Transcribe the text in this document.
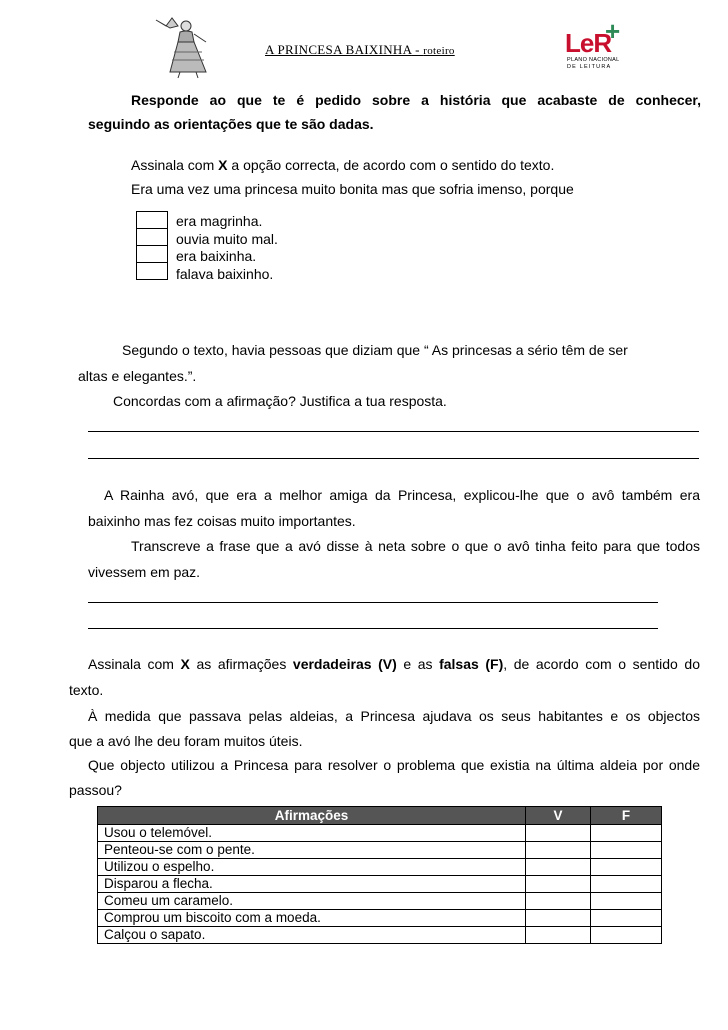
A PRINCESA BAIXINHA - roteiro	LeR
+
PLANO NACIONAL
DE LEITURA
Responde ao que te é pedido sobre a história que acabaste de conhecer,
seguindo as orientações que te são dadas.
Assinala com X a opção correcta, de acordo com o sentido do texto.
Era uma vez uma princesa muito bonita mas que sofria imenso, porque
era magrinha.
ouvia muito mal.
era baixinha.
falava baixinho.
Segundo o texto, havia pessoas que diziam que “ As princesas a sério têm de ser
altas e elegantes.”.
Concordas com a afirmação? Justifica a tua resposta.
A Rainha avó, que era a melhor amiga da Princesa, explicou-lhe que o avô também era
baixinho mas fez coisas muito importantes.
Transcreve a frase que a avó disse à neta sobre o que o avô tinha feito para que todos
vivessem em paz.
Assinala com X as afirmações verdadeiras (V) e as falsas (F), de acordo com o sentido do
texto.
À medida que passava pelas aldeias, a Princesa ajudava os seus habitantes e os objectos
que a avó lhe deu foram muitos úteis.
Que objecto utilizou a Princesa para resolver o problema que existia na última aldeia por onde
passou?
Afirmações	V	F
Usou o telemóvel.		
Penteou-se com o pente.		
Utilizou o espelho.		
Disparou a flecha.		
Comeu um caramelo.		
Comprou um biscoito com a moeda.		
Calçou o sapato.		
